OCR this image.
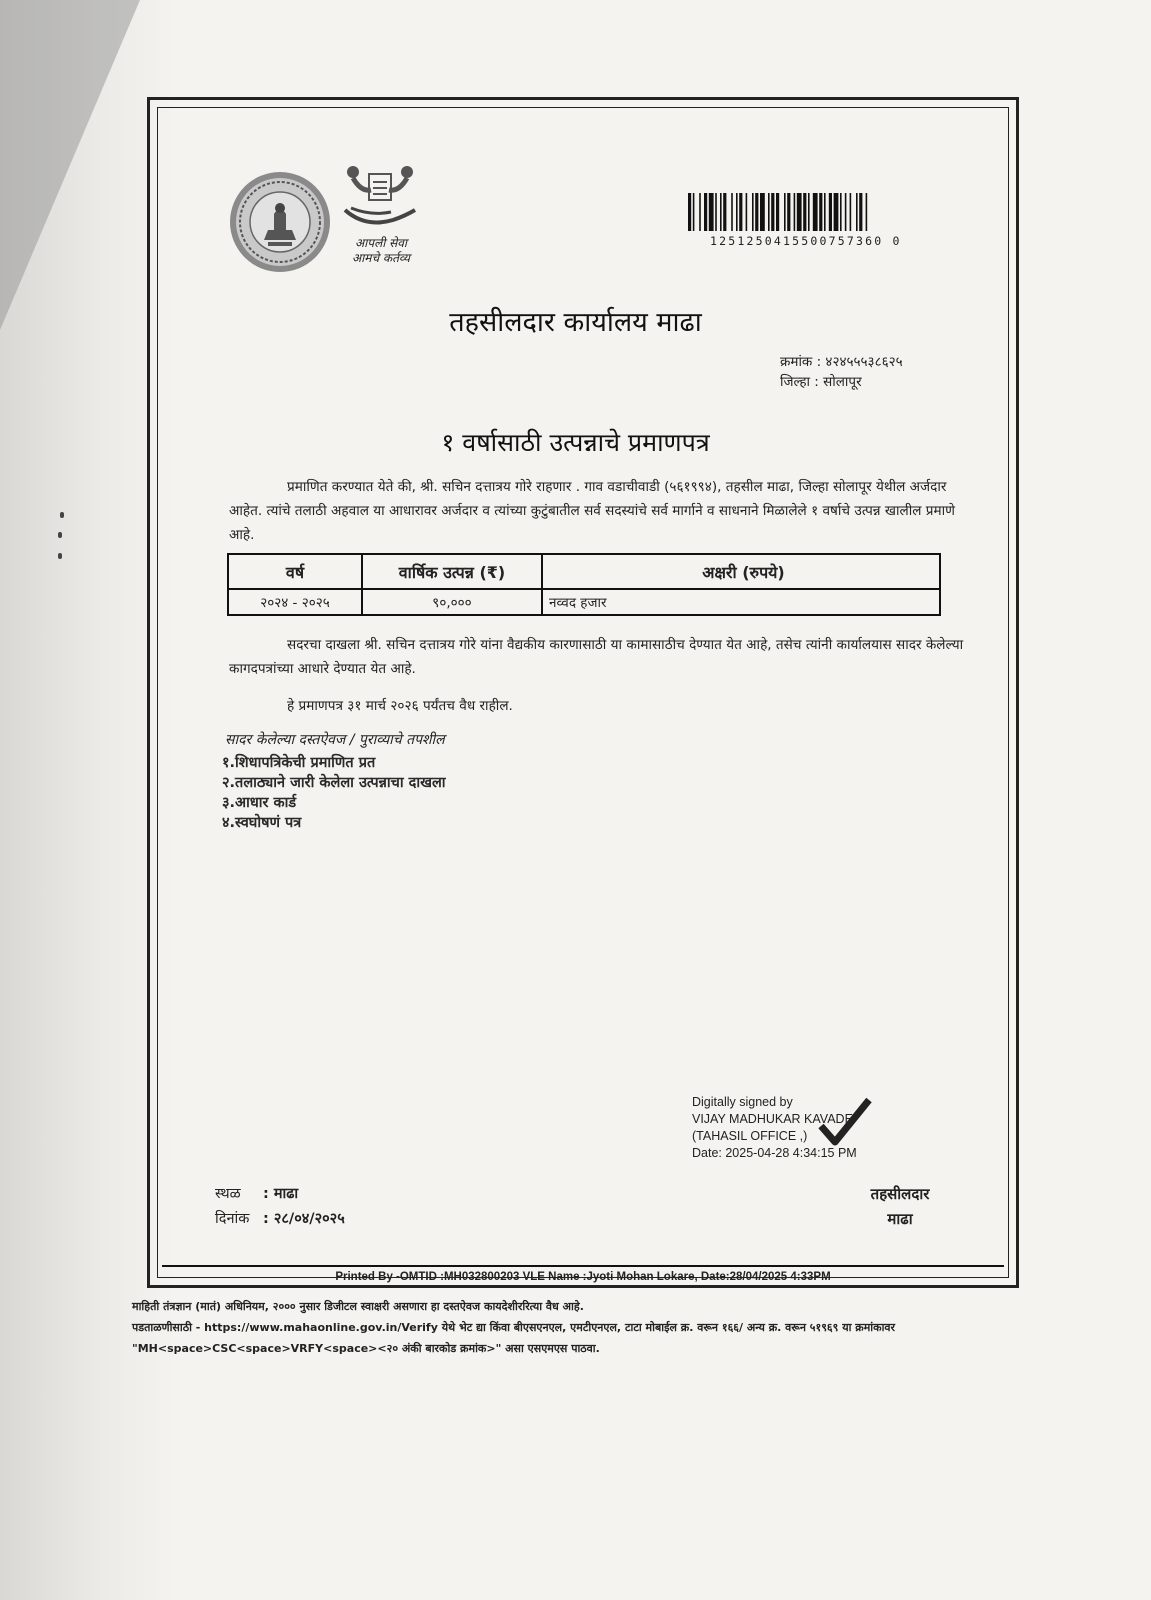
आपली सेवा
आमचे कर्तव्य
1251250415500757360 0
तहसीलदार कार्यालय माढा
क्रमांक : ४२४५५५३८६२५
जिल्हा : सोलापूर
१ वर्षासाठी उत्पन्नाचे प्रमाणपत्र
प्रमाणित करण्यात येते की, श्री. सचिन दत्तात्रय गोरे राहणार . गाव वडाचीवाडी (५६१९९४), तहसील माढा, जिल्हा सोलापूर येथील अर्जदार आहेत. त्यांचे तलाठी अहवाल या आधारावर अर्जदार व त्यांच्या कुटुंबातील सर्व सदस्यांचे सर्व मार्गाने व साधनाने मिळालेले १ वर्षाचे उत्पन्न खालील प्रमाणे आहे.
वर्ष	वार्षिक उत्पन्न (₹)	अक्षरी (रुपये)
२०२४ - २०२५	९०,०००	नव्वद हजार
सदरचा दाखला श्री. सचिन दत्तात्रय गोरे यांना वैद्यकीय कारणासाठी या कामासाठीच देण्यात येत आहे, तसेच त्यांनी कार्यालयास सादर केलेल्या कागदपत्रांच्या आधारे देण्यात येत आहे.
हे प्रमाणपत्र ३१ मार्च २०२६ पर्यंतच वैध राहील.
सादर केलेल्या दस्तऐवज / पुराव्याचे तपशील
१.शिधापत्रिकेची प्रमाणित प्रत
२.तलाठ्याने जारी केलेला उत्पन्नाचा दाखला
३.आधार कार्ड
४.स्वघोषणं पत्र
Digitally signed by
VIJAY MADHUKAR KAVADE
(TAHASIL OFFICE ,)
Date: 2025-04-28 4:34:15 PM
स्थळ : माढा
दिनांक : २८/०४/२०२५
तहसीलदार
माढा
Printed By -OMTID :MH032800203 VLE Name :Jyoti Mohan Lokare, Date:28/04/2025 4:33PM
माहिती तंत्रज्ञान (मातं) अधिनियम, २००० नुसार डिजीटल स्वाक्षरी असणारा हा दस्तऐवज कायदेशीररित्या वैध आहे.
पडताळणीसाठी - https://www.mahaonline.gov.in/Verify येथे भेट द्या किंवा बीएसएनएल, एमटीएनएल, टाटा मोबाईल क्र. वरून १६६/ अन्य क्र. वरून ५१९६९ या क्रमांकावर
"MH<space>CSC<space>VRFY<space><२० अंकी बारकोड क्रमांक>" असा एसएमएस पाठवा.
